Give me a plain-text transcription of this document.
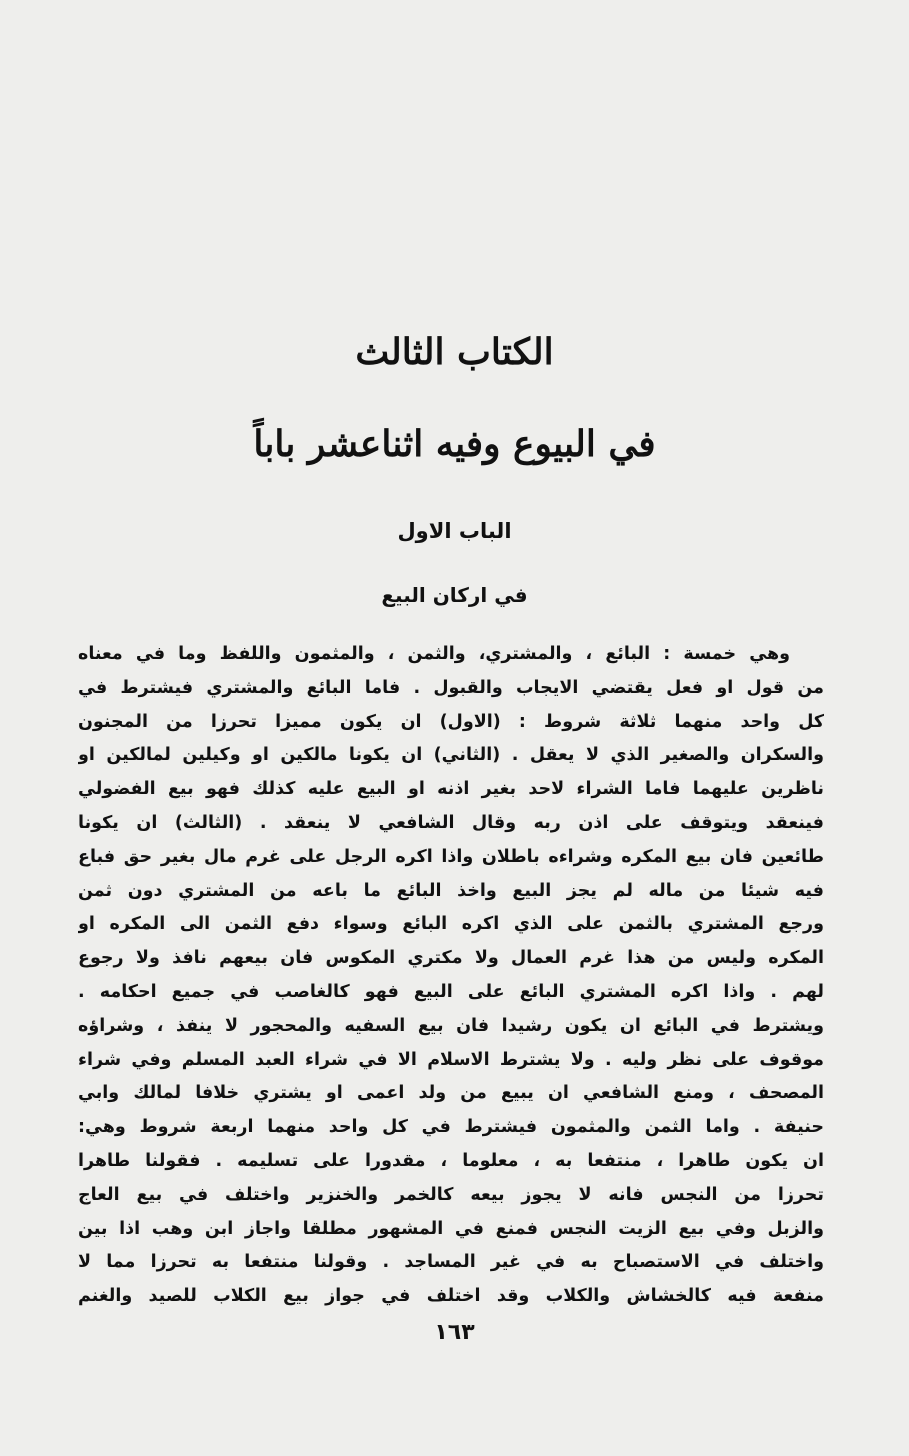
الكتاب الثالث
في البيوع وفيه اثناعشر باباً
الباب الاول
في اركان البيع
وهي خمسة : البائع ، والمشتري، والثمن ، والمثمون واللفظ وما في معناه
من قول او فعل يقتضي الايجاب والقبول . فاما البائع والمشتري فيشترط في
كل واحد منهما ثلاثة شروط : (الاول) ان يكون مميزا تحرزا من المجنون
والسكران والصغير الذي لا يعقل . (الثاني) ان يكونا مالكين او وكيلين لمالكين او
ناظرين عليهما فاما الشراء لاحد بغير اذنه او البيع عليه كذلك فهو بيع الفضولي
فينعقد ويتوقف على اذن ربه وقال الشافعي لا ينعقد . (الثالث) ان يكونا
طائعين فان بيع المكره وشراءه باطلان واذا اكره الرجل على غرم مال بغير حق فباع
فيه شيئا من ماله لم يجز البيع واخذ البائع ما باعه من المشتري دون ثمن
ورجع المشتري بالثمن على الذي اكره البائع وسواء دفع الثمن الى المكره او
المكره وليس من هذا غرم العمال ولا مكتري المكوس فان بيعهم نافذ ولا رجوع
لهم . واذا اكره المشتري البائع على البيع فهو كالغاصب في جميع احكامه .
ويشترط في البائع ان يكون رشيدا فان بيع السفيه والمحجور لا ينفذ ، وشراؤه
موقوف على نظر وليه . ولا يشترط الاسلام الا في شراء العبد المسلم وفي شراء
المصحف ، ومنع الشافعي ان يبيع من ولد اعمى او يشتري خلافا لمالك وابي
حنيفة . واما الثمن والمثمون فيشترط في كل واحد منهما اربعة شروط وهي:
ان يكون طاهرا ، منتفعا به ، معلوما ، مقدورا على تسليمه . فقولنا طاهرا
تحرزا من النجس فانه لا يجوز بيعه كالخمر والخنزير واختلف في بيع العاج
والزبل وفي بيع الزيت النجس فمنع في المشهور مطلقا واجاز ابن وهب اذا بين
واختلف في الاستصباح به في غير المساجد . وقولنا منتفعا به تحرزا مما لا
منفعة فيه كالخشاش والكلاب وقد اختلف في جواز بيع الكلاب للصيد والغنم
١٦٣
